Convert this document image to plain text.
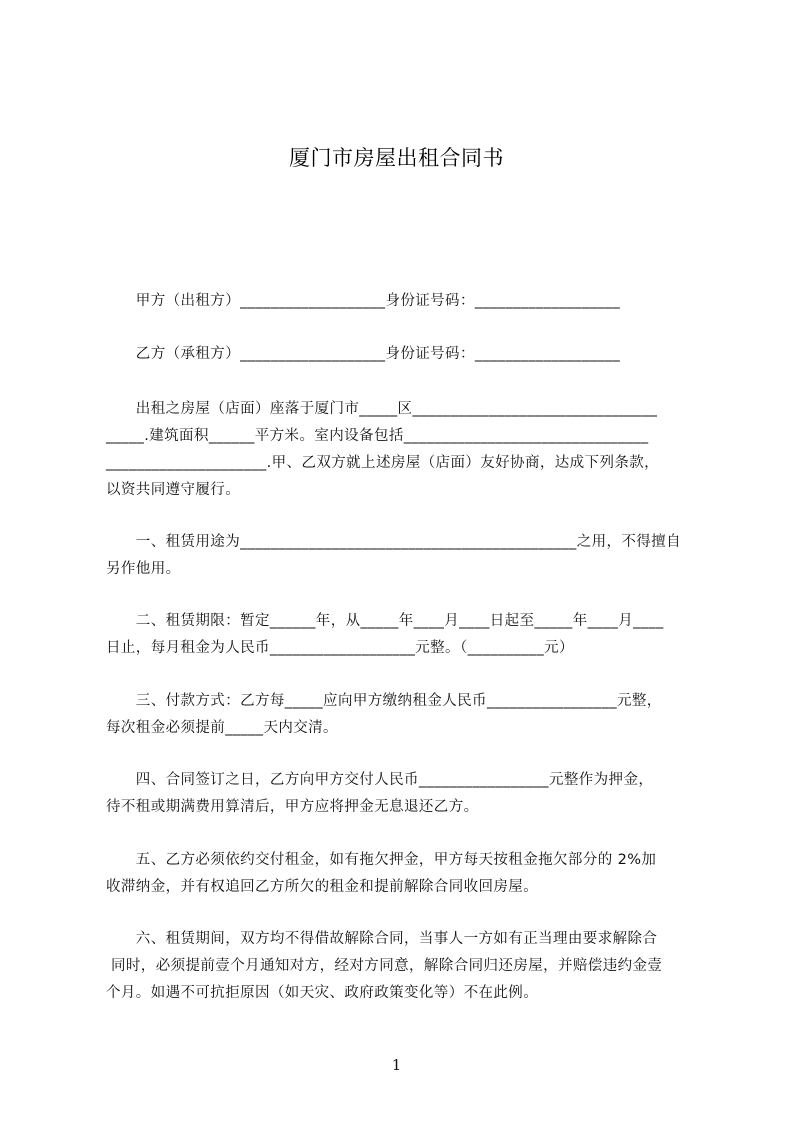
厦门市房屋出租合同书
　　甲方（出租方）___________________身份证号码：___________________
　　乙方（承租方）___________________身份证号码：___________________
　　出租之房屋（店面）座落于厦门市_____区________________________________
_____.建筑面积______平方米。室内设备包括________________________________
_____________________.甲、乙双方就上述房屋（店面）友好协商，达成下列条款，
以资共同遵守履行。
　　一、租赁用途为____________________________________________之用，不得擅自
另作他用。
　　二、租赁期限：暂定______年，从_____年____月____日起至_____年____月____
日止，每月租金为人民币___________________元整。（__________元）
　　三、付款方式：乙方每_____应向甲方缴纳租金人民币_________________元整，
每次租金必须提前_____天内交清。
　　四、合同签订之日，乙方向甲方交付人民币_________________元整作为押金，
待不租或期满费用算清后，甲方应将押金无息退还乙方。
　　五、乙方必须依约交付租金，如有拖欠押金，甲方每天按租金拖欠部分的 2%加
收滞纳金，并有权追回乙方所欠的租金和提前解除合同收回房屋。
　　六、租赁期间，双方均不得借故解除合同，当事人一方如有正当理由要求解除合
同时，必须提前壹个月通知对方，经对方同意，解除合同归还房屋，并赔偿违约金壹
个月。如遇不可抗拒原因（如天灾、政府政策变化等）不在此例。
1
